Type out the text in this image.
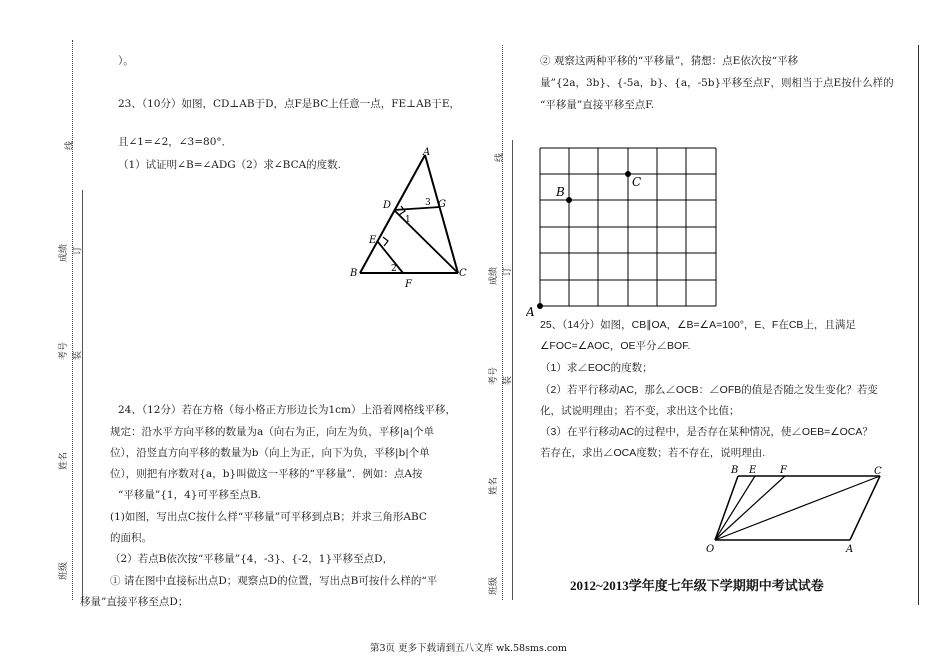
线
成绩 订
考号 装
姓名
班级
线
成绩 订
考号 装
姓名
班级
）。
23、（10分）如图，CD⊥AB于D，点F是BC上任意一点，FE⊥AB于E，
且∠1=∠2，∠3=80°．
（1）试证明∠B=∠ADG（2）求∠BCA的度数.
A
D	G
E
B
F
C
1
2
3
24、（12分）若在方格（每小格正方形边长为1cm）上沿着网格线平移，
规定：沿水平方向平移的数量为a（向右为正，向左为负，平移|a|个单
位），沿竖直方向平移的数量为b（向上为正，向下为负，平移|b|个单
位），则把有序数对{a，b}叫做这一平移的“平移量”．例如：点A按
“平移量”{1，4}可平移至点B.
(1)如图，写出点C按什么样“平移量”可平移到点B；并求三角形ABC
的面积。
（2）若点B依次按“平移量”{4，-3}、{-2，1}平移至点D，
① 请在图中直接标出点D；观察点D的位置，写出点B可按什么样的“平
移量”直接平移至点D；
② 观察这两种平移的“平移量”，猜想：点E依次按“平移
量”{2a，3b}、{-5a，b}、{a，-5b}平移至点F，则相当于点E按什么样的
“平移量”直接平移至点F.
A
B
C
25、（14分）如图，CB∥OA，∠B=∠A=100°，E、F在CB上，且满足
∠FOC=∠AOC，OE平分∠BOF.
（1）求∠EOC的度数；
（2）若平行移动AC，那么∠OCB：∠OFB的值是否随之发生变化？若变
化，试说明理由；若不变，求出这个比值；
（3）在平行移动AC的过程中，是否存在某种情况，使∠OEB=∠OCA？
若存在，求出∠OCA度数；若不存在，说明理由.
B E F	C
O	A
2012~2013学年度七年级下学期期中考试试卷
第3页 更多下载请到五八文库 wk.58sms.com
